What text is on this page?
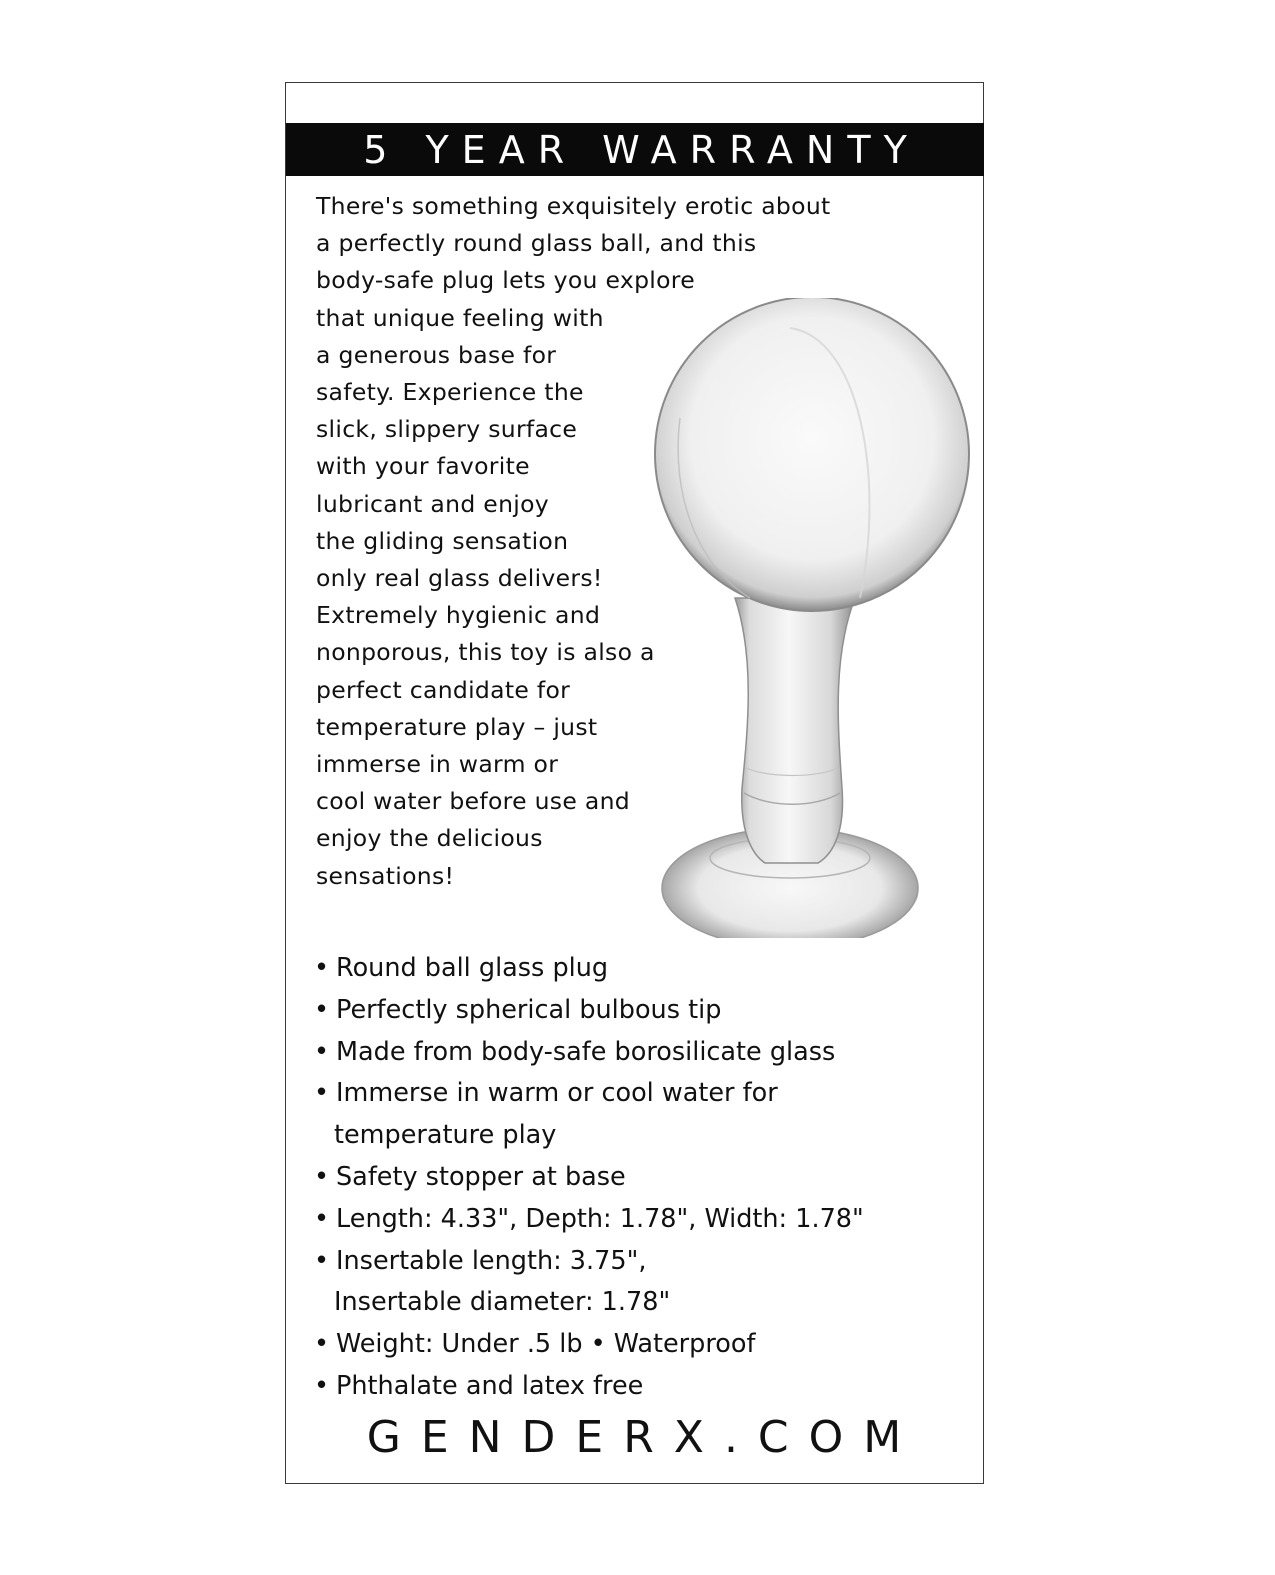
5 YEAR WARRANTY

There's something exquisitely erotic about
a perfectly round glass ball, and this
body-safe plug lets you explore
that unique feeling with
a generous base for
safety. Experience the
slick, slippery surface
with your favorite
lubricant and enjoy
the gliding sensation
only real glass delivers!
Extremely hygienic and
nonporous, this toy is also a
perfect candidate for
temperature play – just
immerse in warm or
cool water before use and
enjoy the delicious
sensations!

• Round ball glass plug
• Perfectly spherical bulbous tip
• Made from body-safe borosilicate glass
• Immerse in warm or cool water for
temperature play
• Safety stopper at base
• Length: 4.33", Depth: 1.78", Width: 1.78"
• Insertable length: 3.75",
Insertable diameter: 1.78"
• Weight: Under .5 lb • Waterproof
• Phthalate and latex free
GENDERX.COM
